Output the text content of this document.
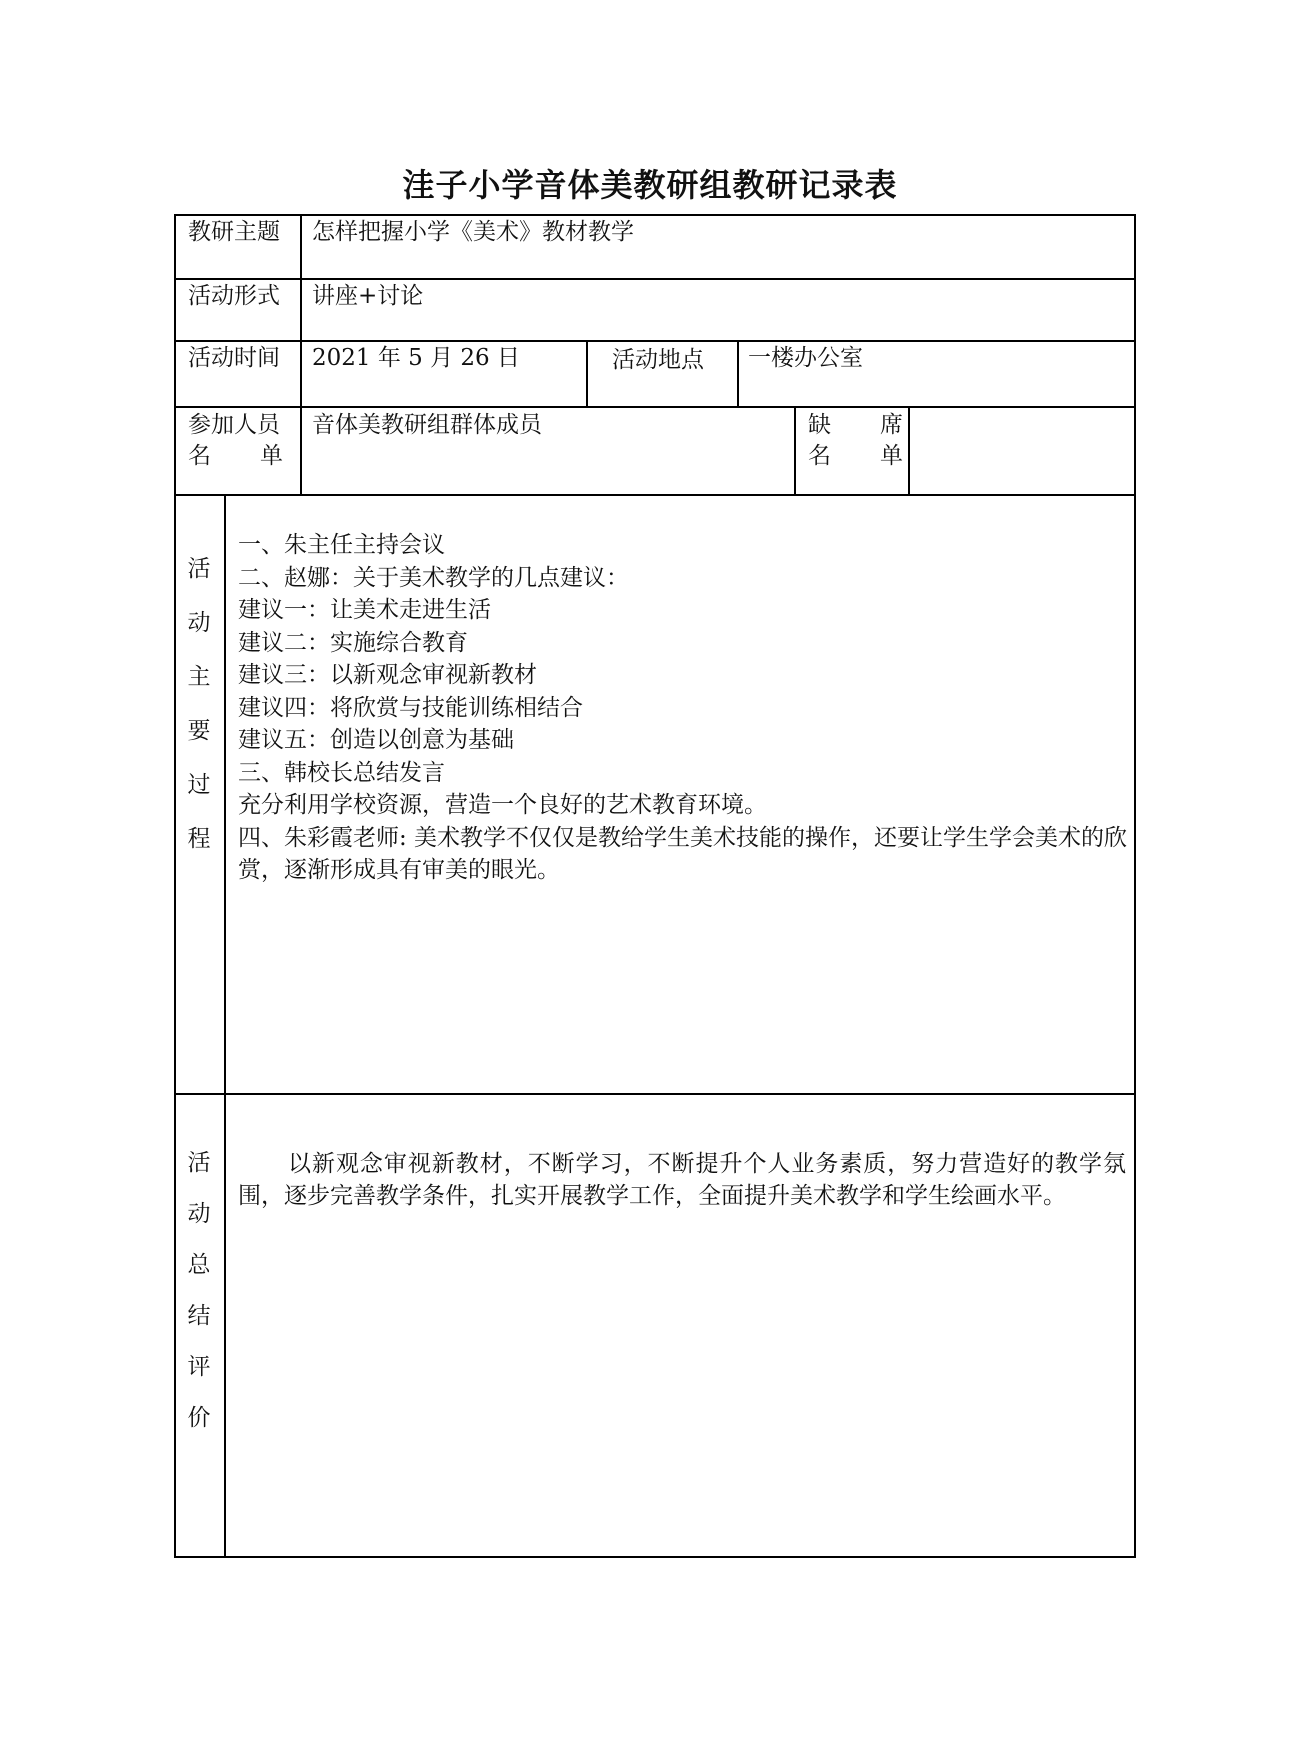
洼子小学音体美教研组教研记录表
教研主题 怎样把握小学《美术》教材教学
活动形式 讲座+讨论
活动时间 2021 年 5 月 26 日	活动地点 一楼办公室
参加人员
名 单
音体美教研组群体成员	缺 席
名 单
活
动
主
要
过
程
一、朱主任主持会议
二、赵娜：关于美术教学的几点建议：
建议一：让美术走进生活
建议二：实施综合教育
建议三：以新观念审视新教材
建议四：将欣赏与技能训练相结合
建议五：创造以创意为基础
三、韩校长总结发言
充分利用学校资源，营造一个良好的艺术教育环境。
四、朱彩霞老师: 美术教学不仅仅是教给学生美术技能的操作，还要让学生学会美术的欣赏，逐渐形成具有审美的眼光。
活
动
总
结
评
价
以新观念审视新教材，不断学习，不断提升个人业务素质，努力营造好的教学氛围，逐步完善教学条件，扎实开展教学工作，全面提升美术教学和学生绘画水平。
